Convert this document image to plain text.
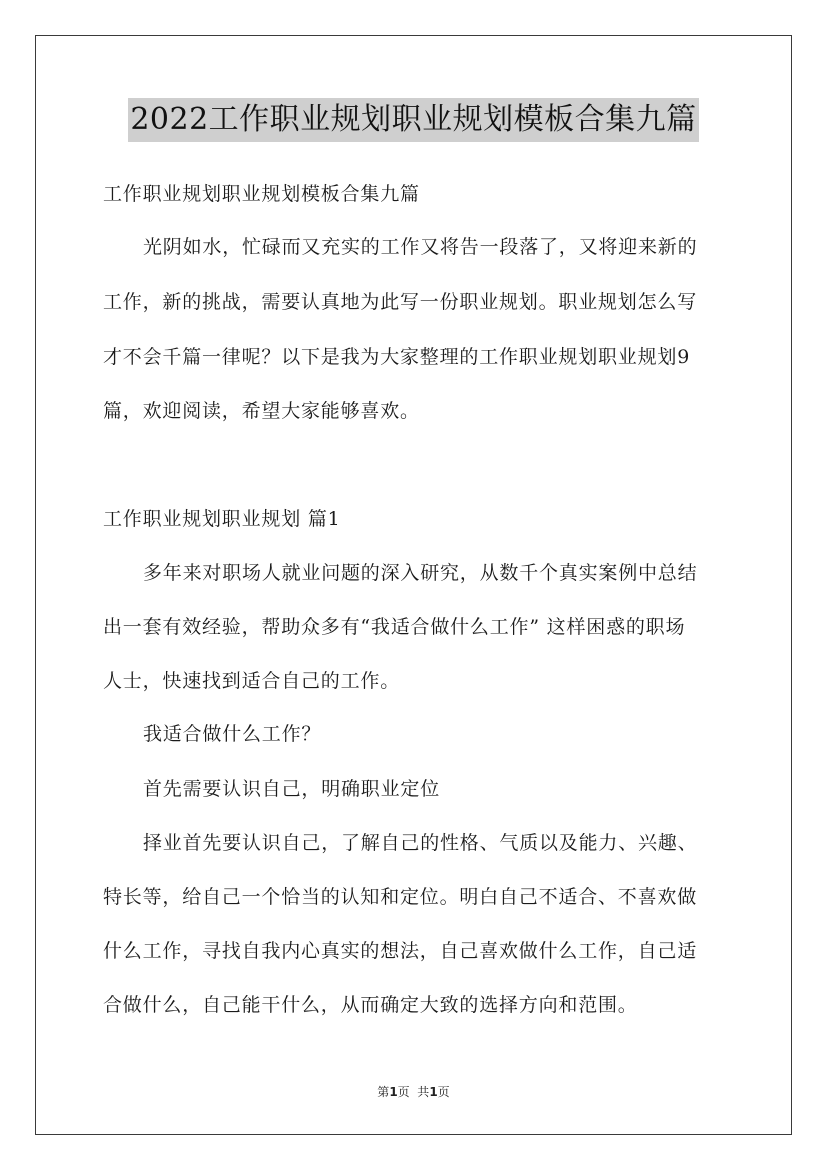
2022工作职业规划职业规划模板合集九篇
工作职业规划职业规划模板合集九篇
光阴如水，忙碌而又充实的工作又将告一段落了，又将迎来新的
工作，新的挑战，需要认真地为此写一份职业规划。职业规划怎么写
才不会千篇一律呢？以下是我为大家整理的工作职业规划职业规划9
篇，欢迎阅读，希望大家能够喜欢。
工作职业规划职业规划 篇1
多年来对职场人就业问题的深入研究，从数千个真实案例中总结
出一套有效经验，帮助众多有“我适合做什么工作” 这样困惑的职场
人士，快速找到适合自己的工作。
我适合做什么工作？
首先需要认识自己，明确职业定位
择业首先要认识自己，了解自己的性格、气质以及能力、兴趣、
特长等，给自己一个恰当的认知和定位。明白自己不适合、不喜欢做
什么工作，寻找自我内心真实的想法，自己喜欢做什么工作，自己适
合做什么，自己能干什么，从而确定大致的选择方向和范围。
第1页  共1页
